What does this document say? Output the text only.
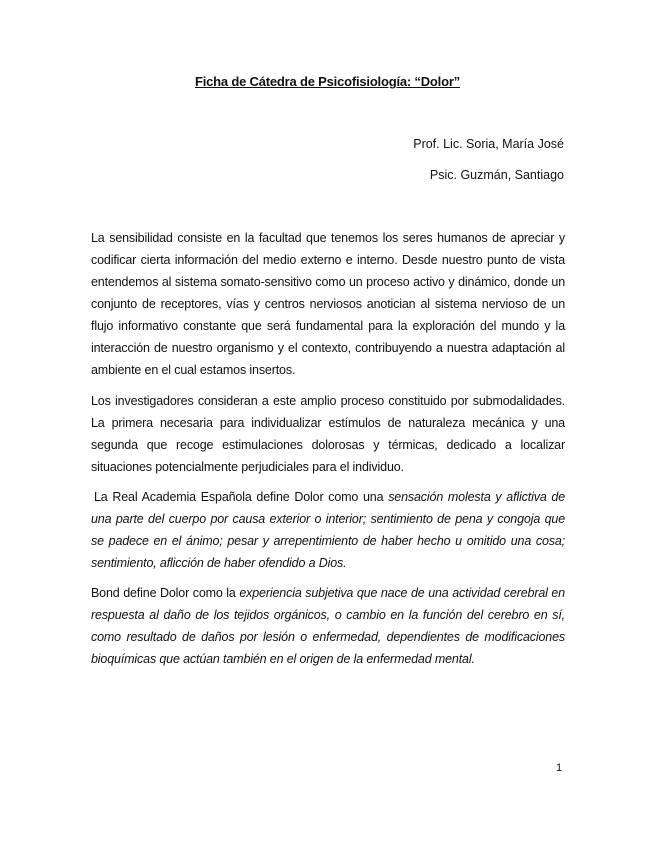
Ficha de Cátedra de Psicofisiología: “Dolor”
Prof. Lic. Soria, María José
Psic. Guzmán, Santiago

La sensibilidad consiste en la facultad que tenemos los seres humanos de apreciar y codificar cierta información del medio externo e interno. Desde nuestro punto de vista entendemos al sistema somato-sensitivo como un proceso activo y dinámico, donde un conjunto de receptores, vías y centros nerviosos anotician al sistema nervioso de un flujo informativo constante que será fundamental para la exploración del mundo y la interacción de nuestro organismo y el contexto, contribuyendo a nuestra adaptación al ambiente en el cual estamos insertos.

Los investigadores consideran a este amplio proceso constituido por submodalidades. La primera necesaria para individualizar estímulos de naturaleza mecánica y una segunda que recoge estimulaciones dolorosas y térmicas, dedicado a localizar situaciones potencialmente perjudiciales para el individuo.

La Real Academia Española define Dolor como una sensación molesta y aflictiva de una parte del cuerpo por causa exterior o interior; sentimiento de pena y congoja que se padece en el ánimo; pesar y arrepentimiento de haber hecho u omitido una cosa; sentimiento, aflicción de haber ofendido a Dios.

Bond define Dolor como la experiencia subjetiva que nace de una actividad cerebral en respuesta al daño de los tejidos orgánicos, o cambio en la función del cerebro en sí, como resultado de daños por lesión o enfermedad, dependientes de modificaciones bioquímicas que actúan también en el origen de la enfermedad mental.

1
